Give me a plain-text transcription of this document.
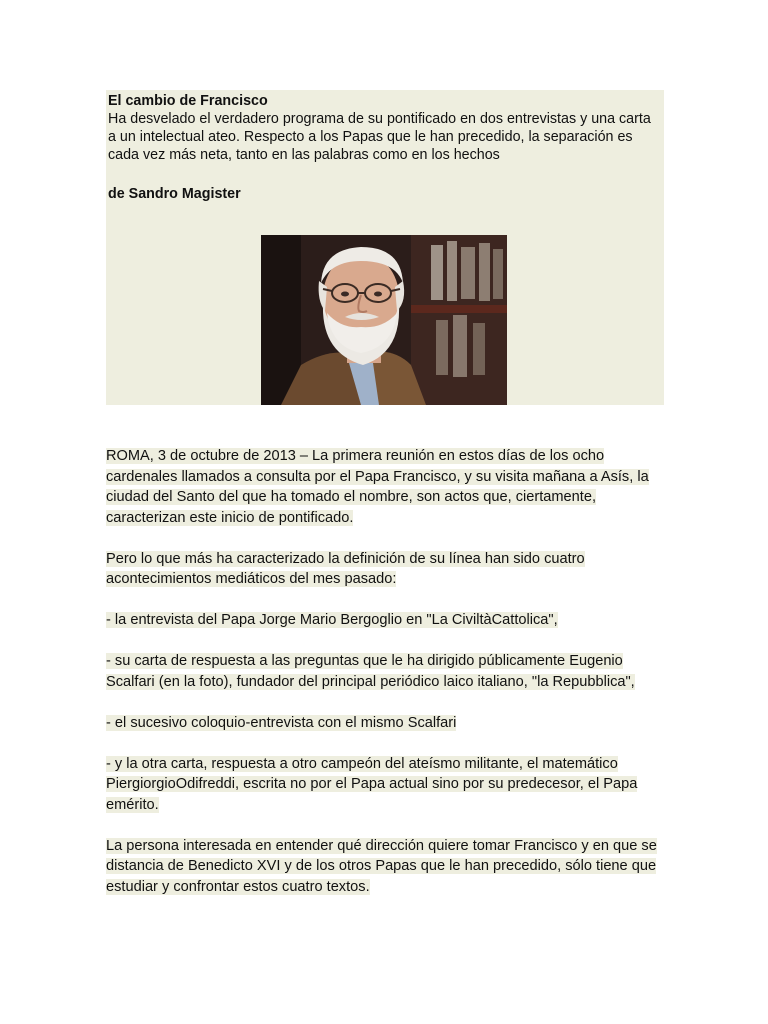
El cambio de Francisco

Ha desvelado el verdadero programa de su pontificado en dos entrevistas y una carta a un intelectual ateo. Respecto a los Papas que le han precedido, la separación es cada vez más neta, tanto en las palabras como en los hechos

de Sandro Magister

ROMA, 3 de octubre de 2013 – La primera reunión en estos días de los ocho cardenales llamados a consulta por el Papa Francisco, y su visita mañana a Asís, la ciudad del Santo del que ha tomado el nombre, son actos que, ciertamente, caracterizan este inicio de pontificado.

Pero lo que más ha caracterizado la definición de su línea han sido cuatro acontecimientos mediáticos del mes pasado:

- la entrevista del Papa Jorge Mario Bergoglio en "La CiviltàCattolica",

- su carta de respuesta a las preguntas que le ha dirigido públicamente Eugenio Scalfari (en la foto), fundador del principal periódico laico italiano, "la Repubblica",

- el sucesivo coloquio-entrevista con el mismo Scalfari

- y la otra carta, respuesta a otro campeón del ateísmo militante, el matemático PiergiorgioOdifreddi, escrita no por el Papa actual sino por su predecesor, el Papa emérito.

La persona interesada en entender qué dirección quiere tomar Francisco y en que se distancia de Benedicto XVI y de los otros Papas que le han precedido, sólo tiene que estudiar y confrontar estos cuatro textos.
